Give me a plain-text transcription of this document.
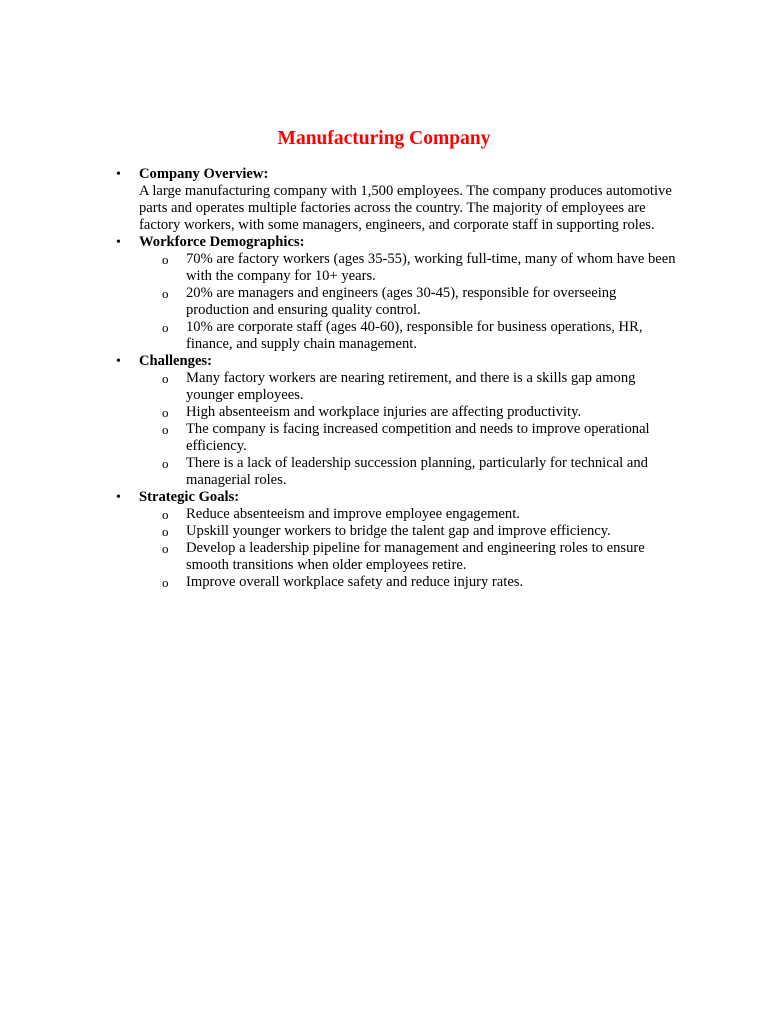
Manufacturing Company
• Company Overview:
A large manufacturing company with 1,500 employees. The company produces automotive parts and operates multiple factories across the country. The majority of employees are factory workers, with some managers, engineers, and corporate staff in supporting roles.
• Workforce Demographics:
o 70% are factory workers (ages 35-55), working full-time, many of whom have been with the company for 10+ years.
o 20% are managers and engineers (ages 30-45), responsible for overseeing production and ensuring quality control.
o 10% are corporate staff (ages 40-60), responsible for business operations, HR, finance, and supply chain management.
• Challenges:
o Many factory workers are nearing retirement, and there is a skills gap among younger employees.
o High absenteeism and workplace injuries are affecting productivity.
o The company is facing increased competition and needs to improve operational efficiency.
o There is a lack of leadership succession planning, particularly for technical and managerial roles.
• Strategic Goals:
o Reduce absenteeism and improve employee engagement.
o Upskill younger workers to bridge the talent gap and improve efficiency.
o Develop a leadership pipeline for management and engineering roles to ensure smooth transitions when older employees retire.
o Improve overall workplace safety and reduce injury rates.
